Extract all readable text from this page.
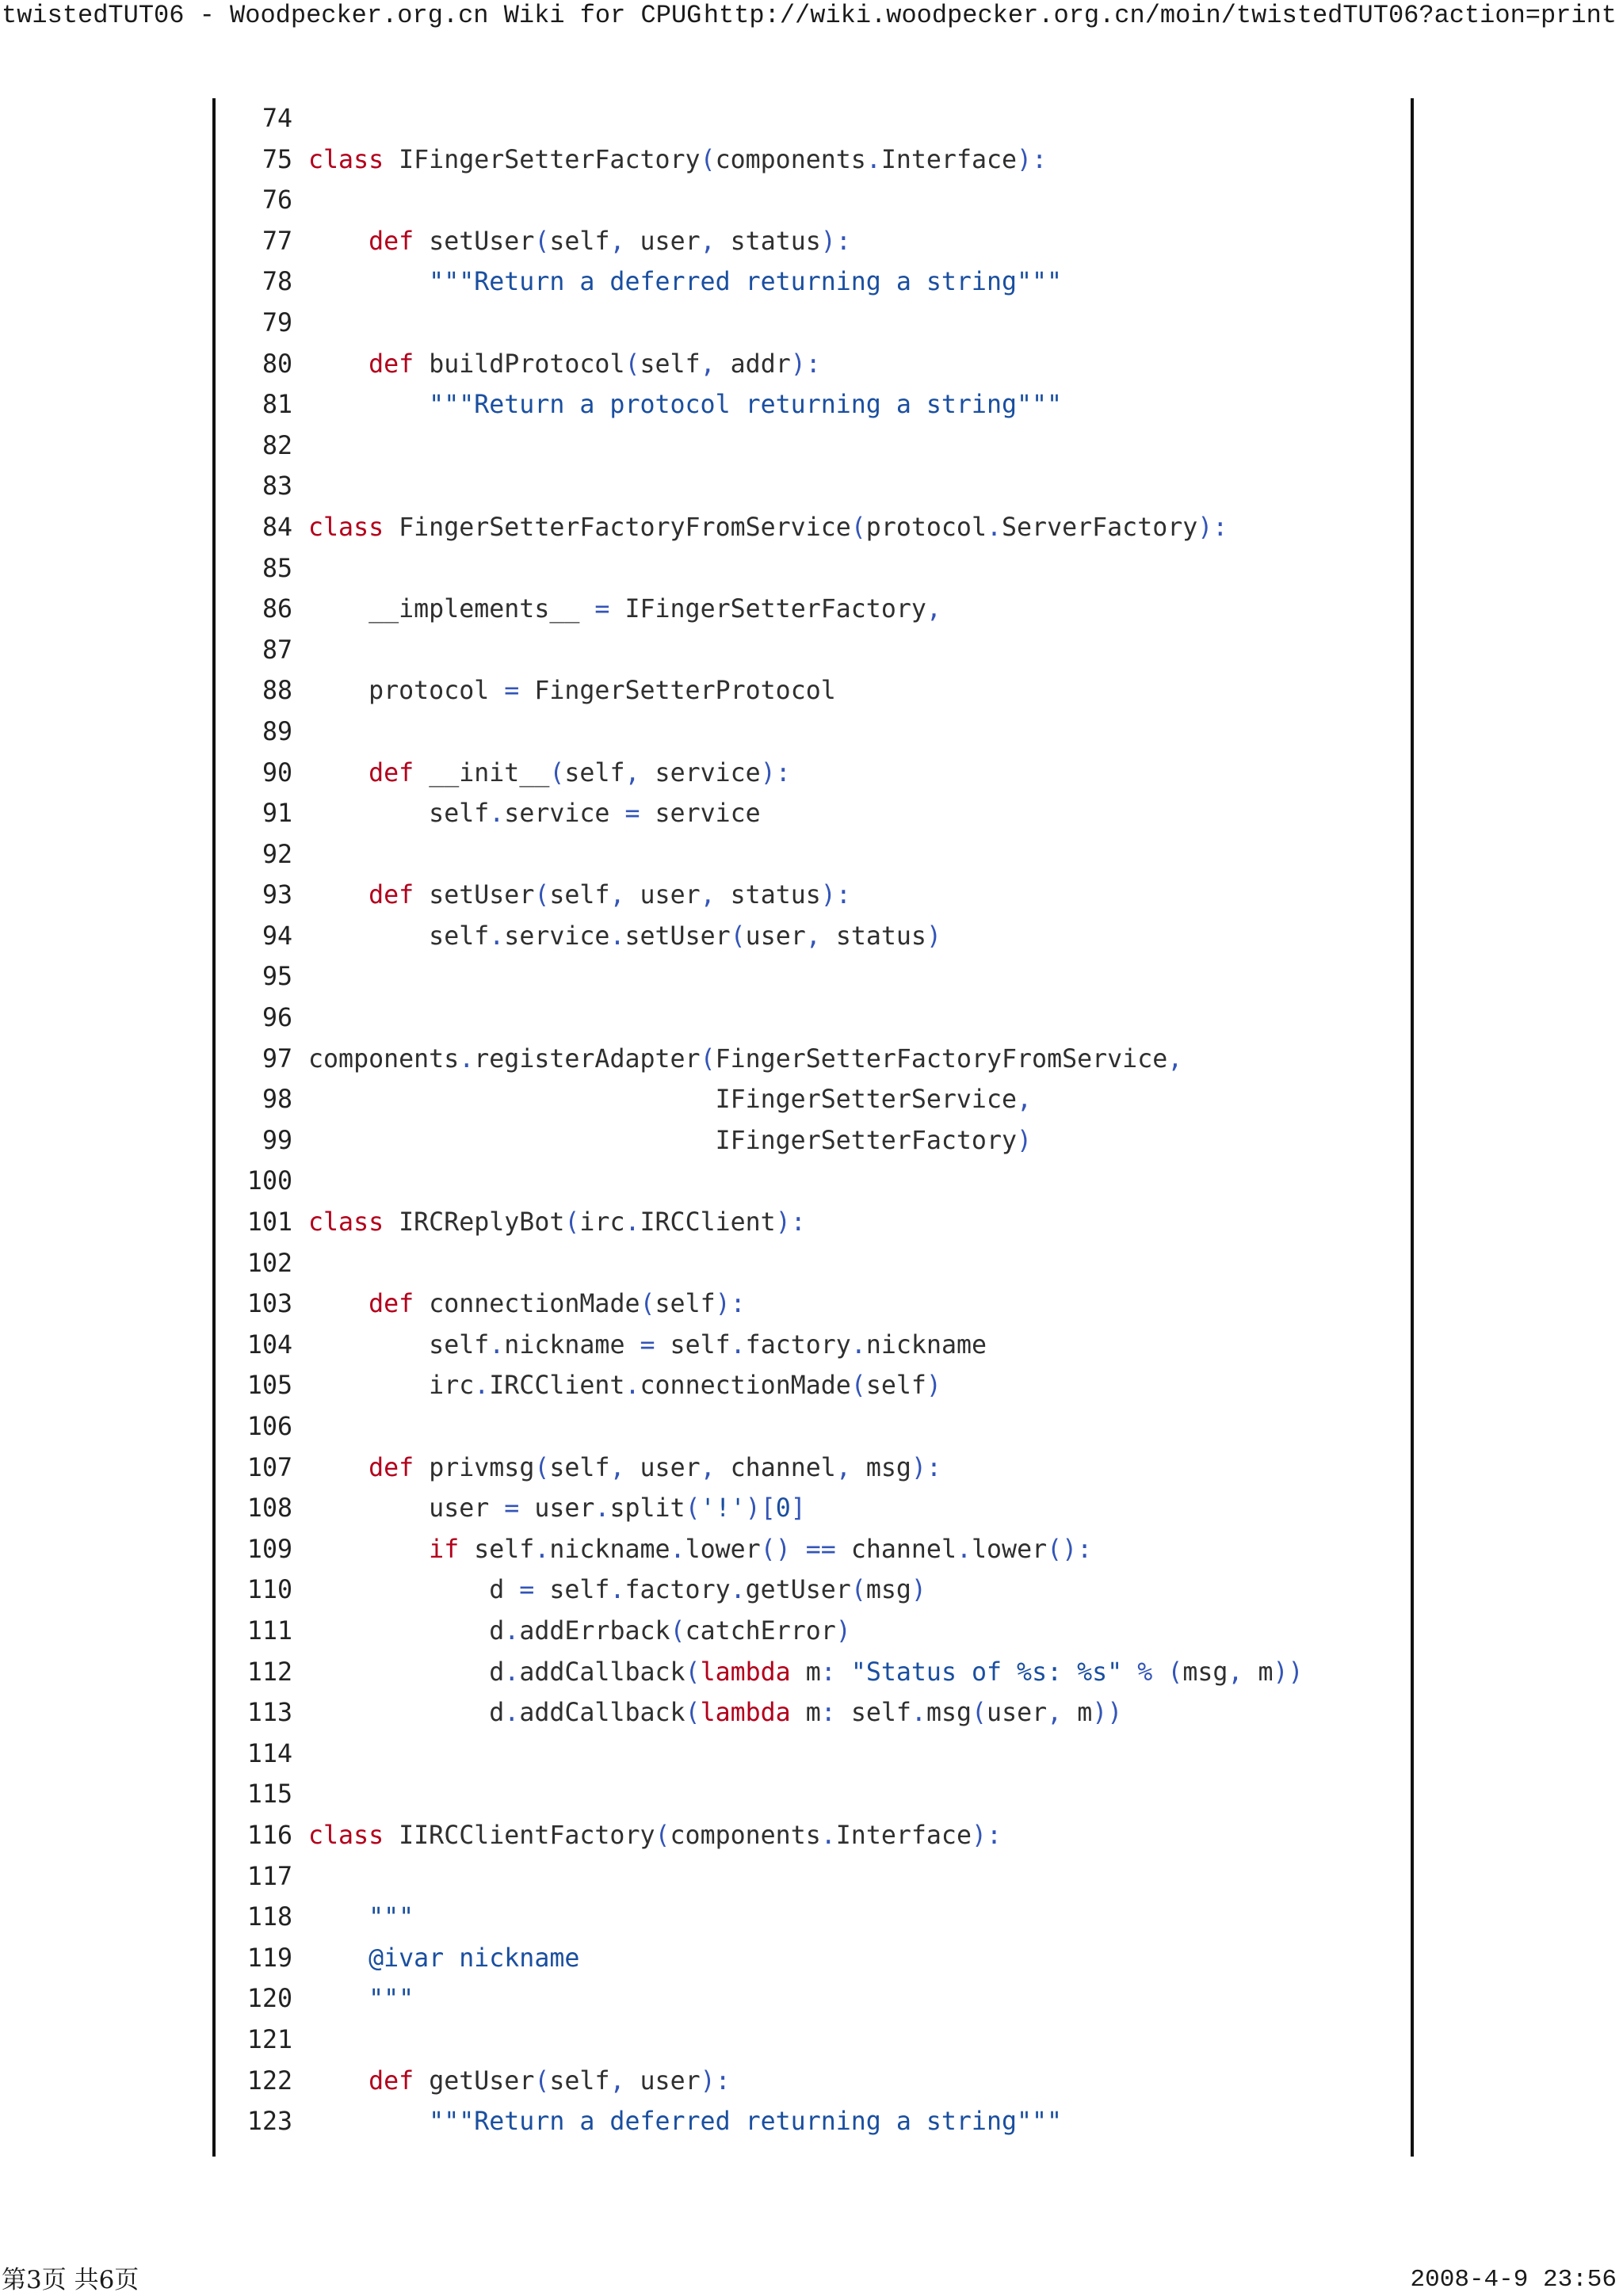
twistedTUT06 - Woodpecker.org.cn Wiki for CPUG http://wiki.woodpecker.org.cn/moin/twistedTUT06?action=print
74
75 class IFingerSetterFactory(components.Interface):
76
77	def setUser(self, user, status):
78	"""Return a deferred returning a string"""
79
80	def buildProtocol(self, addr):
81	"""Return a protocol returning a string"""
82
83
84 class FingerSetterFactoryFromService(protocol.ServerFactory):
85
86    __implements__ = IFingerSetterFactory,
87
88    protocol = FingerSetterProtocol
89
90	def __init__(self, service):
91        self.service = service
92
93	def setUser(self, user, status):
94        self.service.setUser(user, status)
95
96
97 components.registerAdapter(FingerSetterFactoryFromService,
98                           IFingerSetterService,
99                           IFingerSetterFactory)
100
101 class IRCReplyBot(irc.IRCClient):
102
103	def connectionMade(self):
104        self.nickname = self.factory.nickname
105        irc.IRCClient.connectionMade(self)
106
107	def privmsg(self, user, channel, msg):
108        user = user.split('!')[0]
109	if self.nickname.lower() == channel.lower():
110            d = self.factory.getUser(msg)
111            d.addErrback(catchError)
112            d.addCallback(lambda m: "Status of %s: %s" % (msg, m))
113            d.addCallback(lambda m: self.msg(user, m))
114
115
116 class IIRCClientFactory(components.Interface):
117
118	"""
119	@ivar nickname
120	"""
121
122	def getUser(self, user):
123	"""Return a deferred returning a string"""
第3页 共6页	2008-4-9 23:56
